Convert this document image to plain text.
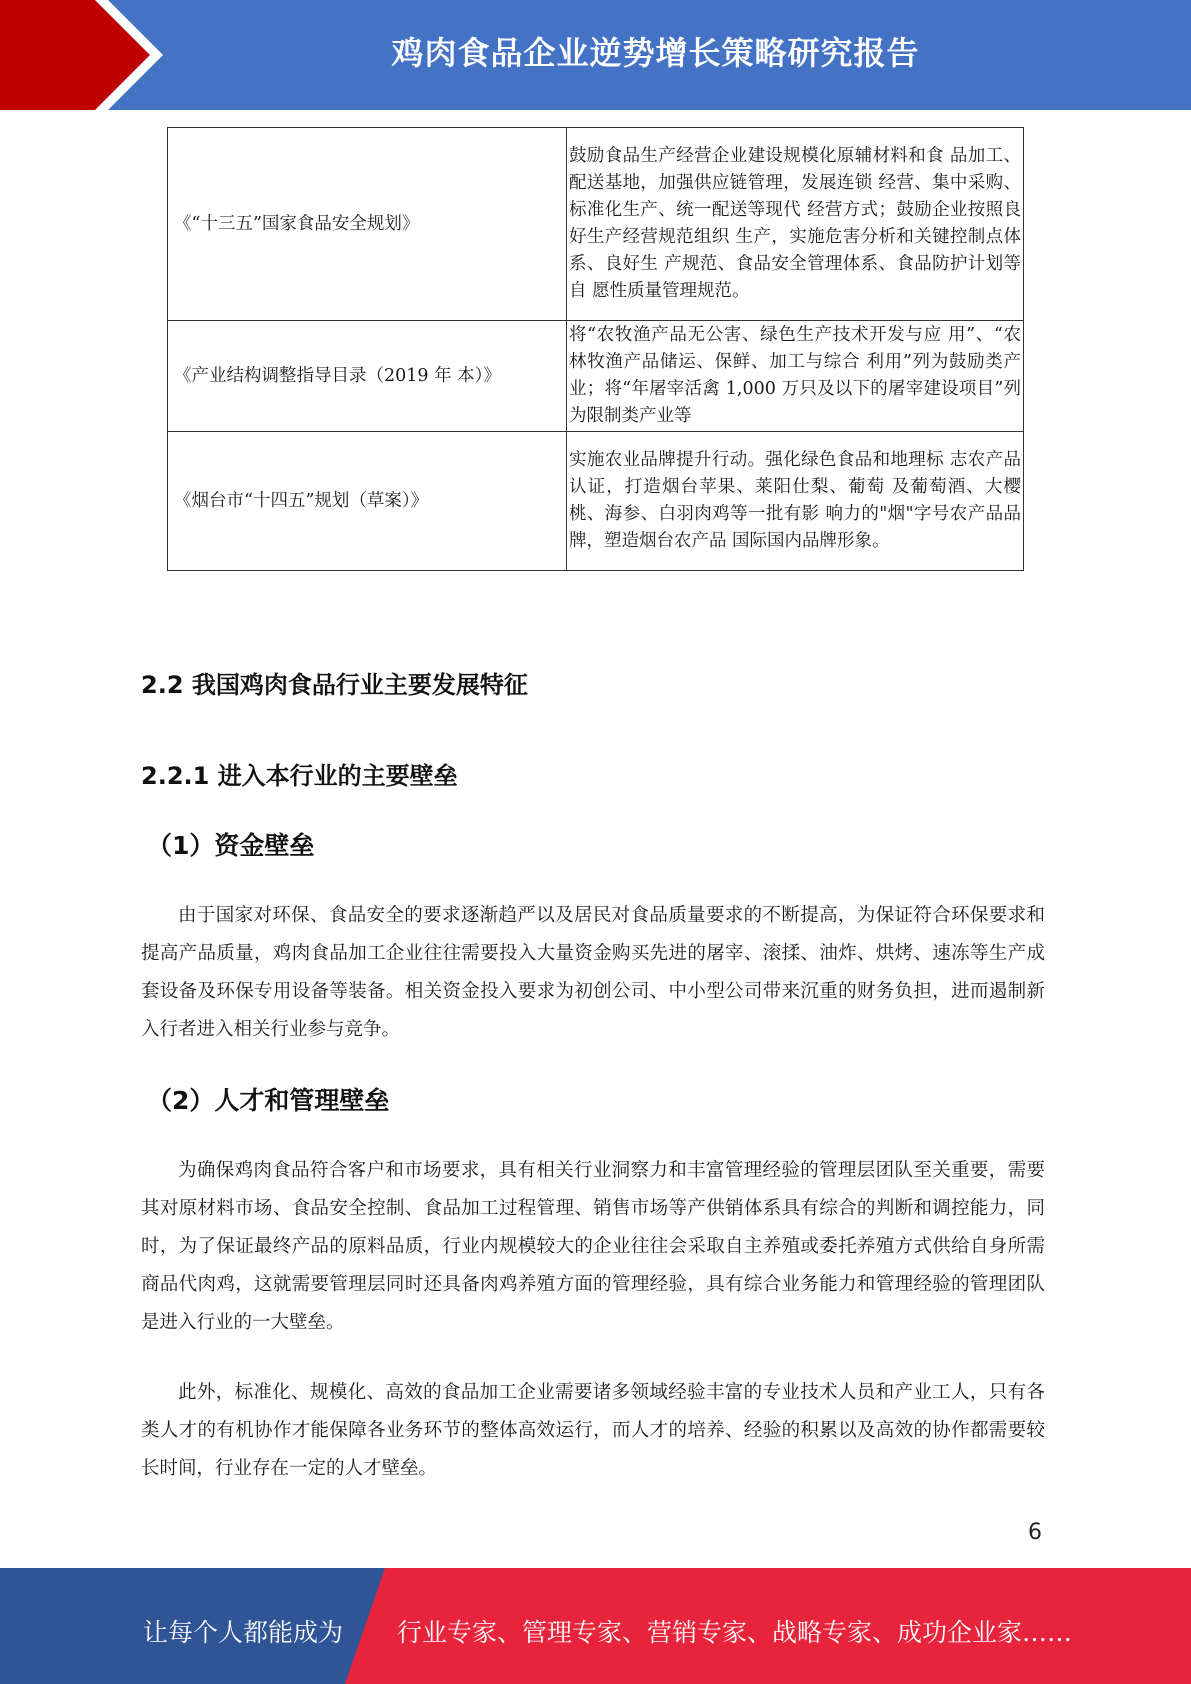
鸡肉食品企业逆势增长策略研究报告
《“十三五”国家食品安全规划》	鼓励食品生产经营企业建设规模化原辅材料和食 品加工、配送基地，加强供应链管理，发展连锁 经营、集中采购、标准化生产、统一配送等现代 经营方式；鼓励企业按照良好生产经营规范组织 生产，实施危害分析和关键控制点体系、良好生 产规范、食品安全管理体系、食品防护计划等自 愿性质量管理规范。
《产业结构调整指导目录（2019 年 本）》	将“农牧渔产品无公害、绿色生产技术开发与应 用”、“农林牧渔产品储运、保鲜、加工与综合 利用”列为鼓励类产业；将“年屠宰活禽 1,000 万只及以下的屠宰建设项目”列为限制类产业等
《烟台市“十四五”规划（草案）》	实施农业品牌提升行动。强化绿色食品和地理标 志农产品认证，打造烟台苹果、莱阳仕梨、葡萄 及葡萄酒、大樱桃、海参、白羽肉鸡等一批有影 响力的"烟"字号农产品品牌，塑造烟台农产品 国际国内品牌形象。
2.2 我国鸡肉食品行业主要发展特征
2.2.1 进入本行业的主要壁垒
（1）资金壁垒

由于国家对环保、食品安全的要求逐渐趋严以及居民对食品质量要求的不断提高，为保证符合环保要求和提高产品质量，鸡肉食品加工企业往往需要投入大量资金购买先进的屠宰、滚揉、油炸、烘烤、速冻等生产成套设备及环保专用设备等装备。相关资金投入要求为初创公司、中小型公司带来沉重的财务负担，进而遏制新入行者进入相关行业参与竞争。

（2）人才和管理壁垒

为确保鸡肉食品符合客户和市场要求，具有相关行业洞察力和丰富管理经验的管理层团队至关重要，需要其对原材料市场、食品安全控制、食品加工过程管理、销售市场等产供销体系具有综合的判断和调控能力，同时，为了保证最终产品的原料品质，行业内规模较大的企业往往会采取自主养殖或委托养殖方式供给自身所需商品代肉鸡，这就需要管理层同时还具备肉鸡养殖方面的管理经验，具有综合业务能力和管理经验的管理团队是进入行业的一大壁垒。

此外，标准化、规模化、高效的食品加工企业需要诸多领域经验丰富的专业技术人员和产业工人，只有各类人才的有机协作才能保障各业务环节的整体高效运行，而人才的培养、经验的积累以及高效的协作都需要较长时间，行业存在一定的人才壁垒。

6
让每个人都能成为 行业专家、管理专家、营销专家、战略专家、成功企业家……
